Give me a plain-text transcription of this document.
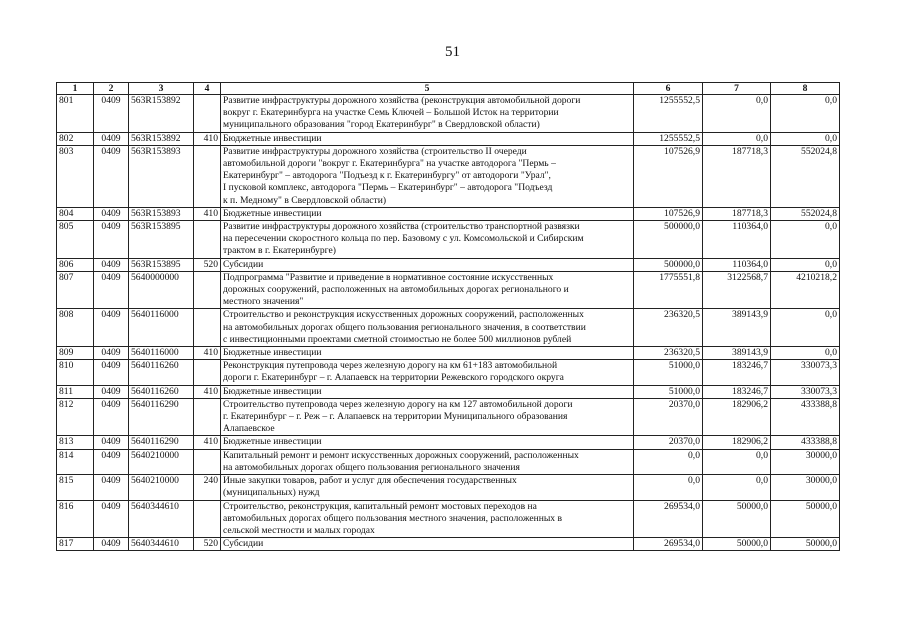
51
1	2	3	4	5	6	7	8
801	0409	563R153892		Развитие инфраструктуры дорожного хозяйства (реконструкция автомобильной дороги
вокруг г. Екатеринбурга на участке Семь Ключей – Большой Исток на территории
муниципального образования "город Екатеринбург" в Свердловской области)	1255552,5	0,0	0,0
802	0409	563R153892	410	Бюджетные инвестиции	1255552,5	0,0	0,0
803	0409	563R153893		Развитие инфраструктуры дорожного хозяйства (строительство II очереди
автомобильной дороги "вокруг г. Екатеринбурга" на участке автодорога "Пермь –
Екатеринбург" – автодорога "Подъезд к г. Екатеринбургу" от автодороги "Урал",
I пусковой комплекс, автодорога "Пермь – Екатеринбург" – автодорога "Подъезд
к п. Медному" в Свердловской области)	107526,9	187718,3	552024,8
804	0409	563R153893	410	Бюджетные инвестиции	107526,9	187718,3	552024,8
805	0409	563R153895		Развитие инфраструктуры дорожного хозяйства (строительство транспортной развязки
на пересечении скоростного кольца по пер. Базовому с ул. Комсомольской и Сибирским
трактом в г. Екатеринбурге)	500000,0	110364,0	0,0
806	0409	563R153895	520	Субсидии	500000,0	110364,0	0,0
807	0409	5640000000		Подпрограмма "Развитие и приведение в нормативное состояние искусственных
дорожных сооружений, расположенных на автомобильных дорогах регионального и
местного значения"	1775551,8	3122568,7	4210218,2
808	0409	5640116000		Строительство и реконструкция искусственных дорожных сооружений, расположенных
на автомобильных дорогах общего пользования регионального значения, в соответствии
с инвестиционными проектами сметной стоимостью не более 500 миллионов рублей	236320,5	389143,9	0,0
809	0409	5640116000	410	Бюджетные инвестиции	236320,5	389143,9	0,0
810	0409	5640116260		Реконструкция путепровода через железную дорогу на км 61+183 автомобильной
дороги г. Екатеринбург – г. Алапаевск на территории Режевского городского округа	51000,0	183246,7	330073,3
811	0409	5640116260	410	Бюджетные инвестиции	51000,0	183246,7	330073,3
812	0409	5640116290		Строительство путепровода через железную дорогу на км 127 автомобильной дороги
г. Екатеринбург – г. Реж – г. Алапаевск на территории Муниципального образования
Алапаевское	20370,0	182906,2	433388,8
813	0409	5640116290	410	Бюджетные инвестиции	20370,0	182906,2	433388,8
814	0409	5640210000		Капитальный ремонт и ремонт искусственных дорожных сооружений, расположенных
на автомобильных дорогах общего пользования регионального значения	0,0	0,0	30000,0
815	0409	5640210000	240	Иные закупки товаров, работ и услуг для обеспечения государственных
(муниципальных) нужд	0,0	0,0	30000,0
816	0409	5640344610		Строительство, реконструкция, капитальный ремонт мостовых переходов на
автомобильных дорогах общего пользования местного значения, расположенных в
сельской местности и малых городах	269534,0	50000,0	50000,0
817	0409	5640344610	520	Субсидии	269534,0	50000,0	50000,0
